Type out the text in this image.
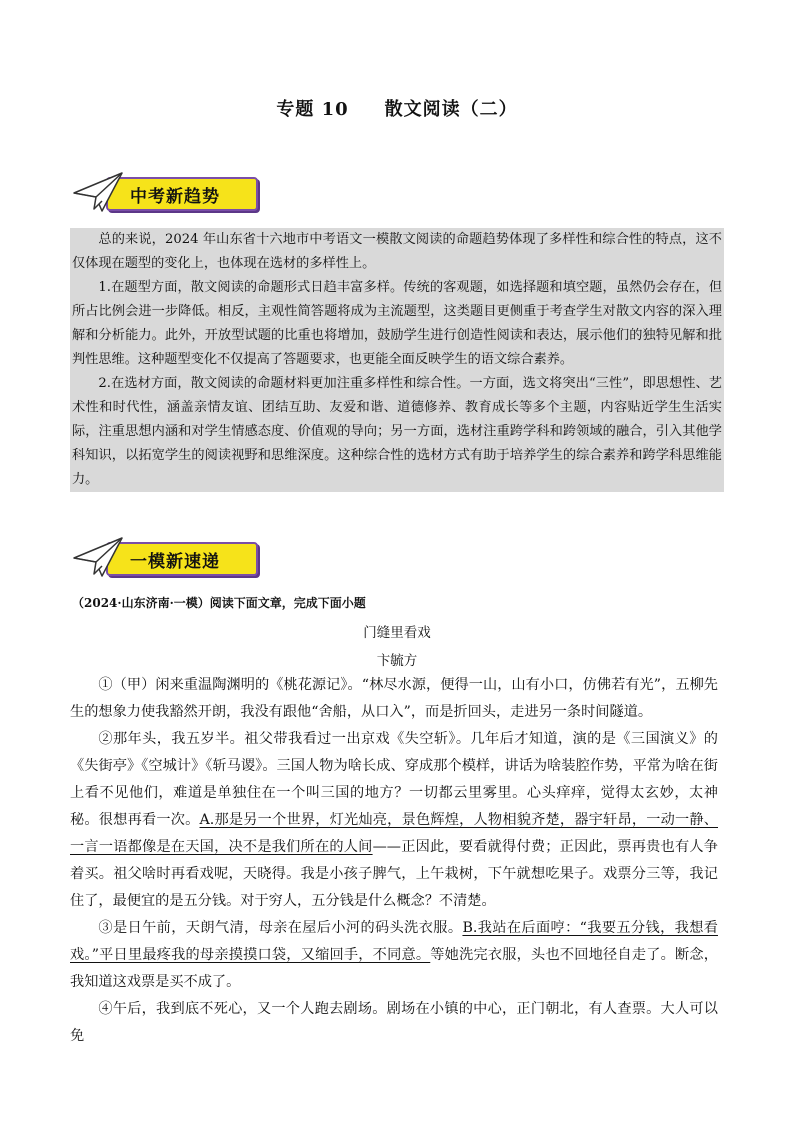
专题 10 散文阅读（二）
中考新趋势

总的来说，2024 年山东省十六地市中考语文一模散文阅读的命题趋势体现了多样性和综合性的特点，这不仅体现在题型的变化上，也体现在选材的多样性上。

1.在题型方面，散文阅读的命题形式日趋丰富多样。传统的客观题，如选择题和填空题，虽然仍会存在，但所占比例会进一步降低。相反，主观性简答题将成为主流题型，这类题目更侧重于考查学生对散文内容的深入理解和分析能力。此外，开放型试题的比重也将增加，鼓励学生进行创造性阅读和表达，展示他们的独特见解和批判性思维。这种题型变化不仅提高了答题要求，也更能全面反映学生的语文综合素养。

2.在选材方面，散文阅读的命题材料更加注重多样性和综合性。一方面，选文将突出“三性”，即思想性、艺术性和时代性，涵盖亲情友谊、团结互助、友爱和谐、道德修养、教育成长等多个主题，内容贴近学生生活实际，注重思想内涵和对学生情感态度、价值观的导向；另一方面，选材注重跨学科和跨领域的融合，引入其他学科知识，以拓宽学生的阅读视野和思维深度。这种综合性的选材方式有助于培养学生的综合素养和跨学科思维能力。

一模新速递
（2024·山东济南·一模）阅读下面文章，完成下面小题
门缝里看戏
卞毓方

①（甲）闲来重温陶渊明的《桃花源记》。“林尽水源，便得一山，山有小口，仿佛若有光”，五柳先生的想象力使我豁然开朗，我没有跟他“舍船，从口入”，而是折回头，走进另一条时间隧道。

②那年头，我五岁半。祖父带我看过一出京戏《失空斩》。几年后才知道，演的是《三国演义》的《失街亭》《空城计》《斩马谡》。三国人物为啥长成、穿成那个模样，讲话为啥装腔作势，平常为啥在街上看不见他们，难道是单独住在一个叫三国的地方？一切都云里雾里。心头痒痒，觉得太玄妙，太神秘。很想再看一次。A.那是另一个世界，灯光灿亮，景色辉煌，人物相貌齐楚，器宇轩昂，一动一静、一言一语都像是在天国，决不是我们所在的人间——正因此，要看就得付费；正因此，票再贵也有人争着买。祖父啥时再看戏呢，天晓得。我是小孩子脾气，上午栽树，下午就想吃果子。戏票分三等，我记住了，最便宜的是五分钱。对于穷人，五分钱是什么概念？不清楚。

③是日午前，天朗气清，母亲在屋后小河的码头洗衣服。B.我站在后面哼：“我要五分钱，我想看戏。”平日里最疼我的母亲摸摸口袋，又缩回手，不同意。等她洗完衣服，头也不回地径自走了。断念，我知道这戏票是买不成了。

④午后，我到底不死心，又一个人跑去剧场。剧场在小镇的中心，正门朝北，有人查票。大人可以免
